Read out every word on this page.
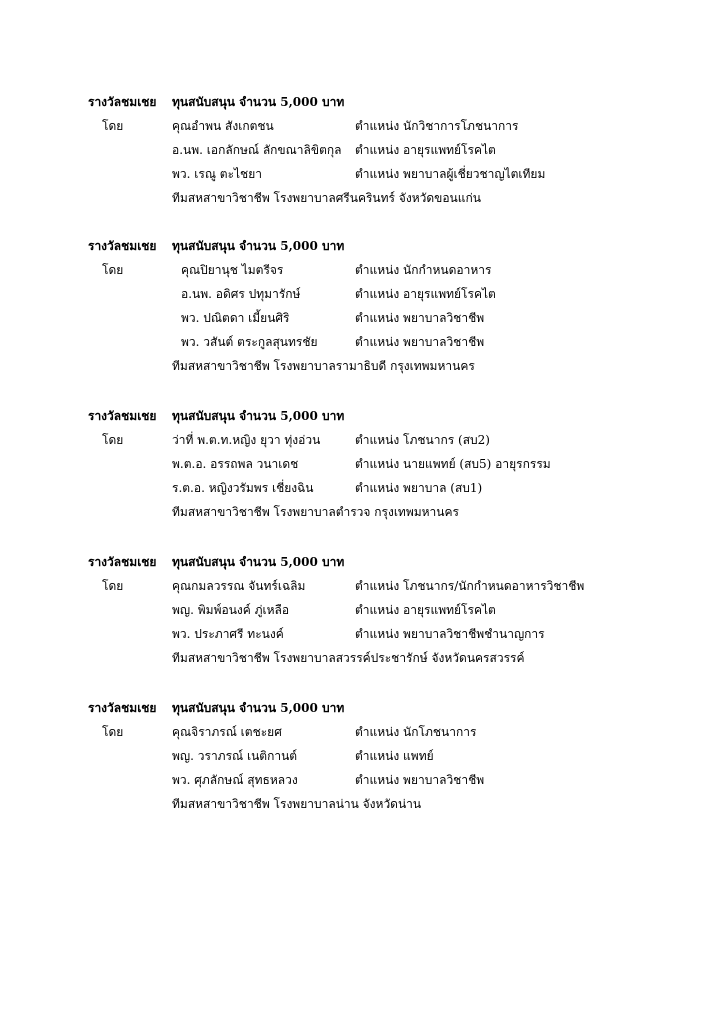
รางวัลชมเชย ทุนสนับสนุน จำนวน 5,000 บาท
โดย	คุณอำพน สังเกตชน	ตำแหน่ง นักวิชาการโภชนาการ
อ.นพ. เอกลักษณ์ ลักขณาลิขิตกุล ตำแหน่ง อายุรแพทย์โรคไต
พว. เรณู ตะไชยา	ตำแหน่ง พยาบาลผู้เชี่ยวชาญไตเทียม
ทีมสหสาขาวิชาชีพ โรงพยาบาลศรีนครินทร์ จังหวัดขอนแก่น
รางวัลชมเชย ทุนสนับสนุน จำนวน 5,000 บาท
โดย	คุณปิยานุช ไมตรีจร	ตำแหน่ง นักกำหนดอาหาร
อ.นพ. อดิศร ปทุมารักษ์	ตำแหน่ง อายุรแพทย์โรคไต
พว. ปณิตดา เมี้ยนศิริ	ตำแหน่ง พยาบาลวิชาชีพ
พว. วสันต์ ตระกูลสุนทรชัย	ตำแหน่ง พยาบาลวิชาชีพ
ทีมสหสาขาวิชาชีพ โรงพยาบาลรามาธิบดี กรุงเทพมหานคร
รางวัลชมเชย ทุนสนับสนุน จำนวน 5,000 บาท
โดย	ว่าที่ พ.ต.ท.หญิง ยุวา ทุ่งอ่วน	ตำแหน่ง โภชนากร (สบ2)
พ.ต.อ. อรรถพล วนาเดช	ตำแหน่ง นายแพทย์ (สบ5) อายุรกรรม
ร.ต.อ. หญิงวรัมพร เชี่ยงฉิน	ตำแหน่ง พยาบาล (สบ1)
ทีมสหสาขาวิชาชีพ โรงพยาบาลตำรวจ กรุงเทพมหานคร
รางวัลชมเชย ทุนสนับสนุน จำนวน 5,000 บาท
โดย	คุณกมลวรรณ จันทร์เฉลิม	ตำแหน่ง โภชนากร/นักกำหนดอาหารวิชาชีพ
พญ. พิมพ์อนงค์ ภู่เหลือ	ตำแหน่ง อายุรแพทย์โรคไต
พว. ประภาศรี ทะนงค์	ตำแหน่ง พยาบาลวิชาชีพชำนาญการ
ทีมสหสาขาวิชาชีพ โรงพยาบาลสวรรค์ประชารักษ์ จังหวัดนครสวรรค์
รางวัลชมเชย ทุนสนับสนุน จำนวน 5,000 บาท
โดย	คุณจิราภรณ์ เตชะยศ	ตำแหน่ง นักโภชนาการ
พญ. วราภรณ์ เนติกานต์	ตำแหน่ง แพทย์
พว. ศุภลักษณ์ สุทธหลวง	ตำแหน่ง พยาบาลวิชาชีพ
ทีมสหสาขาวิชาชีพ โรงพยาบาลน่าน จังหวัดน่าน
